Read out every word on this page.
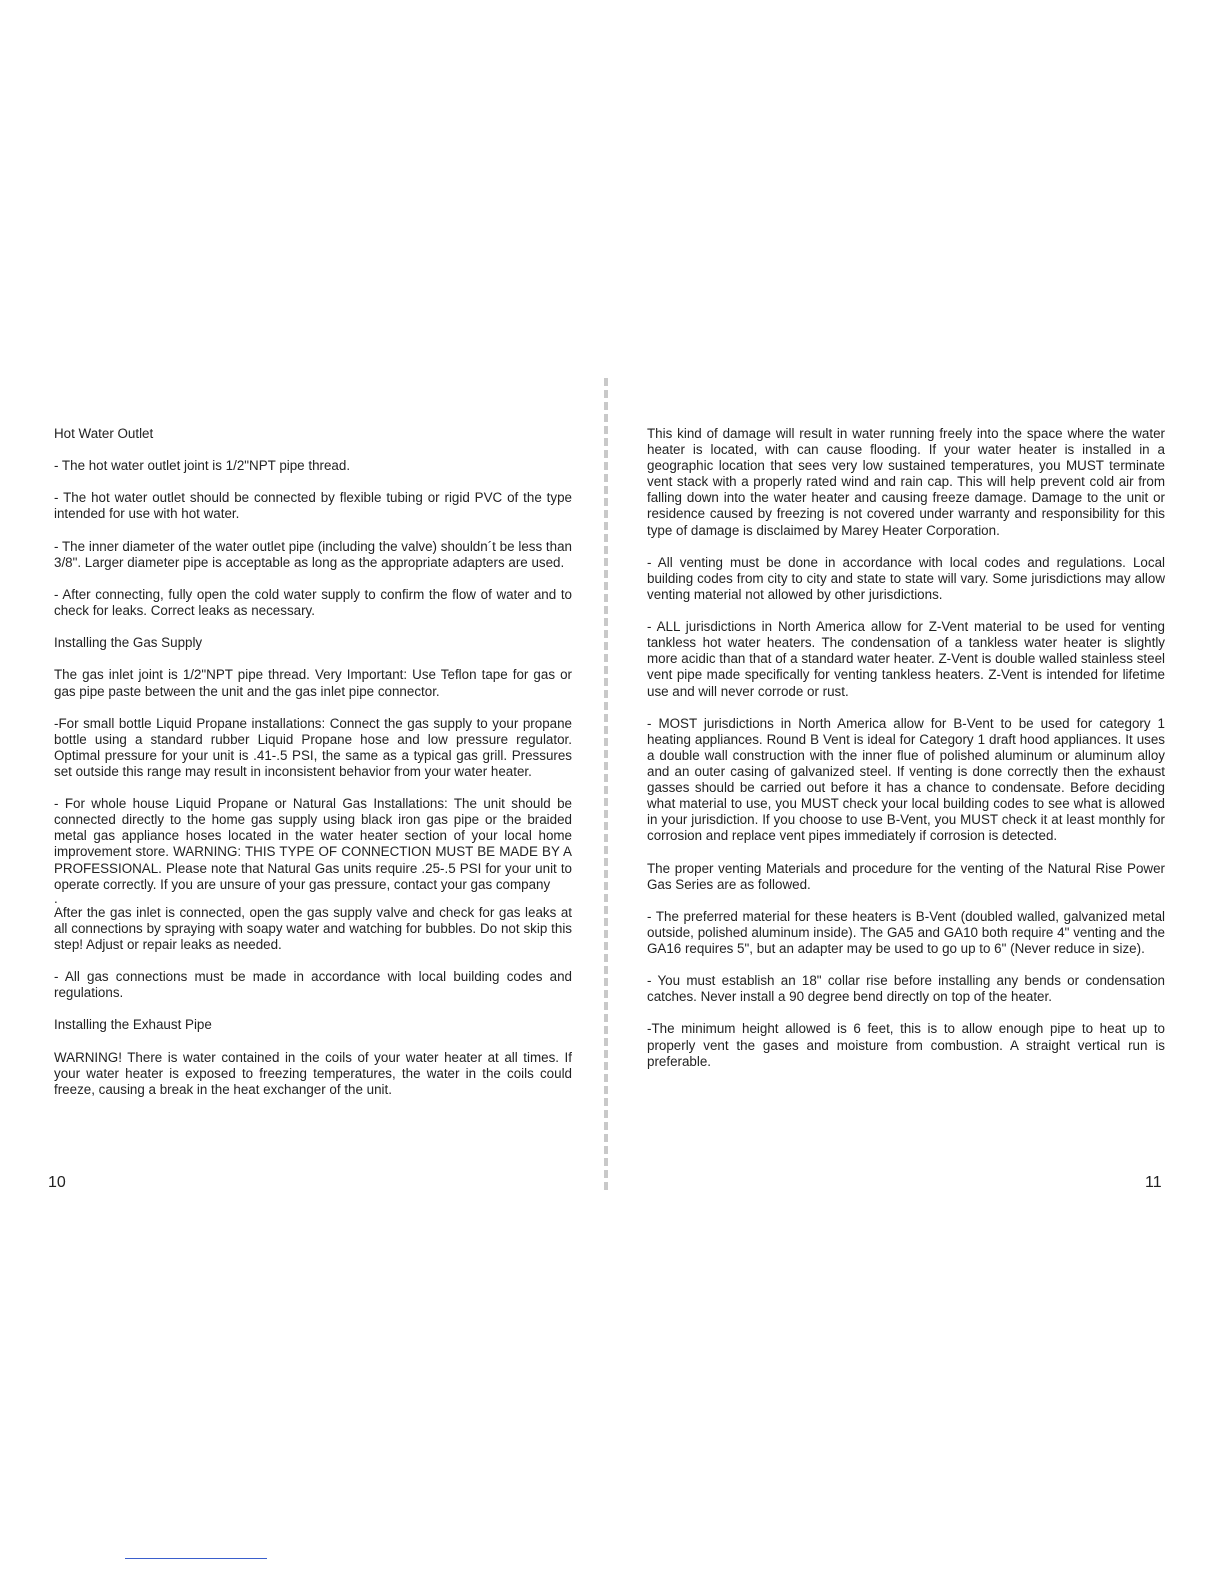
Hot Water Outlet

- The hot water outlet joint is 1/2"NPT pipe thread.

- The hot water outlet should be connected by flexible tubing or rigid PVC of the type intended for use with hot water.

- The inner diameter of the water outlet pipe (including the valve) shouldn´t be less than 3/8". Larger diameter pipe is acceptable as long as the appropriate adapters are used.

- After connecting, fully open the cold water supply to confirm the flow of water and to check for leaks. Correct leaks as necessary.

Installing the Gas Supply

The gas inlet joint is 1/2"NPT pipe thread. Very Important: Use Teflon tape for gas or gas pipe paste between the unit and the gas inlet pipe connector.

-For small bottle Liquid Propane installations: Connect the gas supply to your propane bottle using a standard rubber Liquid Propane hose and low pressure regulator. Optimal pressure for your unit is .41-.5 PSI, the same as a typical gas grill. Pressures set outside this range may result in inconsistent behavior from your water heater.

- For whole house Liquid Propane or Natural Gas Installations: The unit should be connected directly to the home gas supply using black iron gas pipe or the braided metal gas appliance hoses located in the water heater section of your local home improvement store. WARNING: THIS TYPE OF CONNECTION MUST BE MADE BY A PROFESSIONAL. Please note that Natural Gas units require .25-.5 PSI for your unit to operate correctly. If you are unsure of your gas pressure, contact your gas company

.

After the gas inlet is connected, open the gas supply valve and check for gas leaks at all connections by spraying with soapy water and watching for bubbles. Do not skip this step! Adjust or repair leaks as needed.

- All gas connections must be made in accordance with local building codes and regulations.

Installing the Exhaust Pipe

WARNING! There is water contained in the coils of your water heater at all times. If your water heater is exposed to freezing temperatures, the water in the coils could freeze, causing a break in the heat exchanger of the unit.

This kind of damage will result in water running freely into the space where the water heater is located, with can cause flooding. If your water heater is installed in a geographic location that sees very low sustained temperatures, you MUST terminate vent stack with a properly rated wind and rain cap. This will help prevent cold air from falling down into the water heater and causing freeze damage. Damage to the unit or residence caused by freezing is not covered under warranty and responsibility for this type of damage is disclaimed by Marey Heater Corporation.

- All venting must be done in accordance with local codes and regulations. Local building codes from city to city and state to state will vary. Some jurisdictions may allow venting material not allowed by other jurisdictions.

- ALL jurisdictions in North America allow for Z-Vent material to be used for venting tankless hot water heaters. The condensation of a tankless water heater is slightly more acidic than that of a standard water heater. Z-Vent is double walled stainless steel vent pipe made specifically for venting tankless heaters. Z-Vent is intended for lifetime use and will never corrode or rust.

- MOST jurisdictions in North America allow for B-Vent to be used for category 1 heating appliances. Round B Vent is ideal for Category 1 draft hood appliances. It uses a double wall construction with the inner flue of polished aluminum or aluminum alloy and an outer casing of galvanized steel. If venting is done correctly then the exhaust gasses should be carried out before it has a chance to condensate. Before deciding what material to use, you MUST check your local building codes to see what is allowed in your jurisdiction. If you choose to use B-Vent, you MUST check it at least monthly for corrosion and replace vent pipes immediately if corrosion is detected.

The proper venting Materials and procedure for the venting of the Natural Rise Power Gas Series are as followed.

- The preferred material for these heaters is B-Vent (doubled walled, galvanized metal outside, polished aluminum inside). The GA5 and GA10 both require 4" venting and the GA16 requires 5", but an adapter may be used to go up to 6" (Never reduce in size).

- You must establish an 18" collar rise before installing any bends or condensation catches. Never install a 90 degree bend directly on top of the heater.

-The minimum height allowed is 6 feet, this is to allow enough pipe to heat up to properly vent the gases and moisture from combustion. A straight vertical run is preferable.

10	11
